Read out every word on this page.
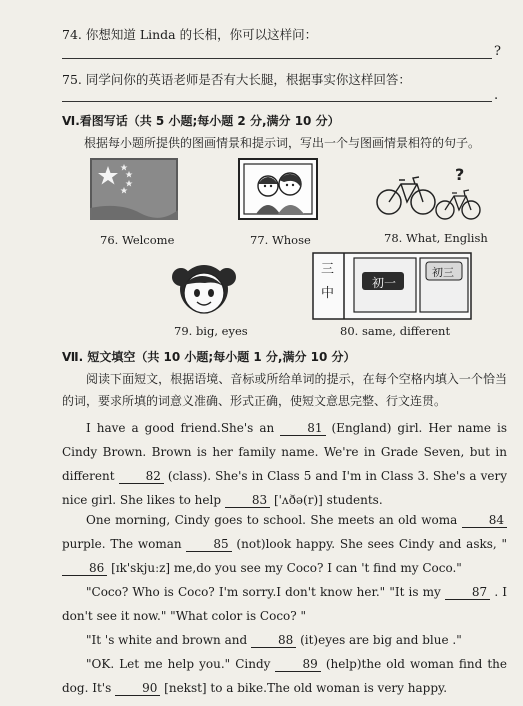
74. 你想知道 Linda 的长相，你可以这样问：
?
75. 同学问你的英语老师是否有大长腿，根据事实你这样回答：
.
Ⅵ.看图写话（共 5 小题;每小题 2 分,满分 10 分）
根据每小题所提供的图画情景和提示词，写出一个与图画情景相符的句子。
76. Welcome	77. Whose
?
78. What, English
79. big, eyes
三
中
初一
初三
80. same, different
Ⅶ. 短文填空（共 10 小题;每小题 1 分,满分 10 分）
阅读下面短文，根据语境、音标或所给单词的提示，在每个空格内填入一个恰当的词，要求所填的词意义准确、形式正确，使短文意思完整、行文连贯。
I have a good friend.She's an 81 (England) girl. Her name is Cindy Brown. Brown is her family name. We're in Grade Seven, but in different 82 (class). She's in Class 5 and I'm in Class 3. She's a very nice girl. She likes to help 83 ['ʌðə(r)] students.
One morning, Cindy goes to school. She meets an old woma 84 purple. The woman 85 (not)look happy. She sees Cindy and asks, " 86 [ɪk'skjuːz] me,do you see my Coco? I can 't find my Coco."
"Coco? Who is Coco? I'm sorry.I don't know her." "It is my 87 . I don't see it now." "What color is Coco? "
"It 's white and brown and 88 (it)eyes are big and blue ."
"OK. Let me help you." Cindy 89 (help)the old woman find the dog. It's 90 [nekst] to a bike.The old woman is very happy.
